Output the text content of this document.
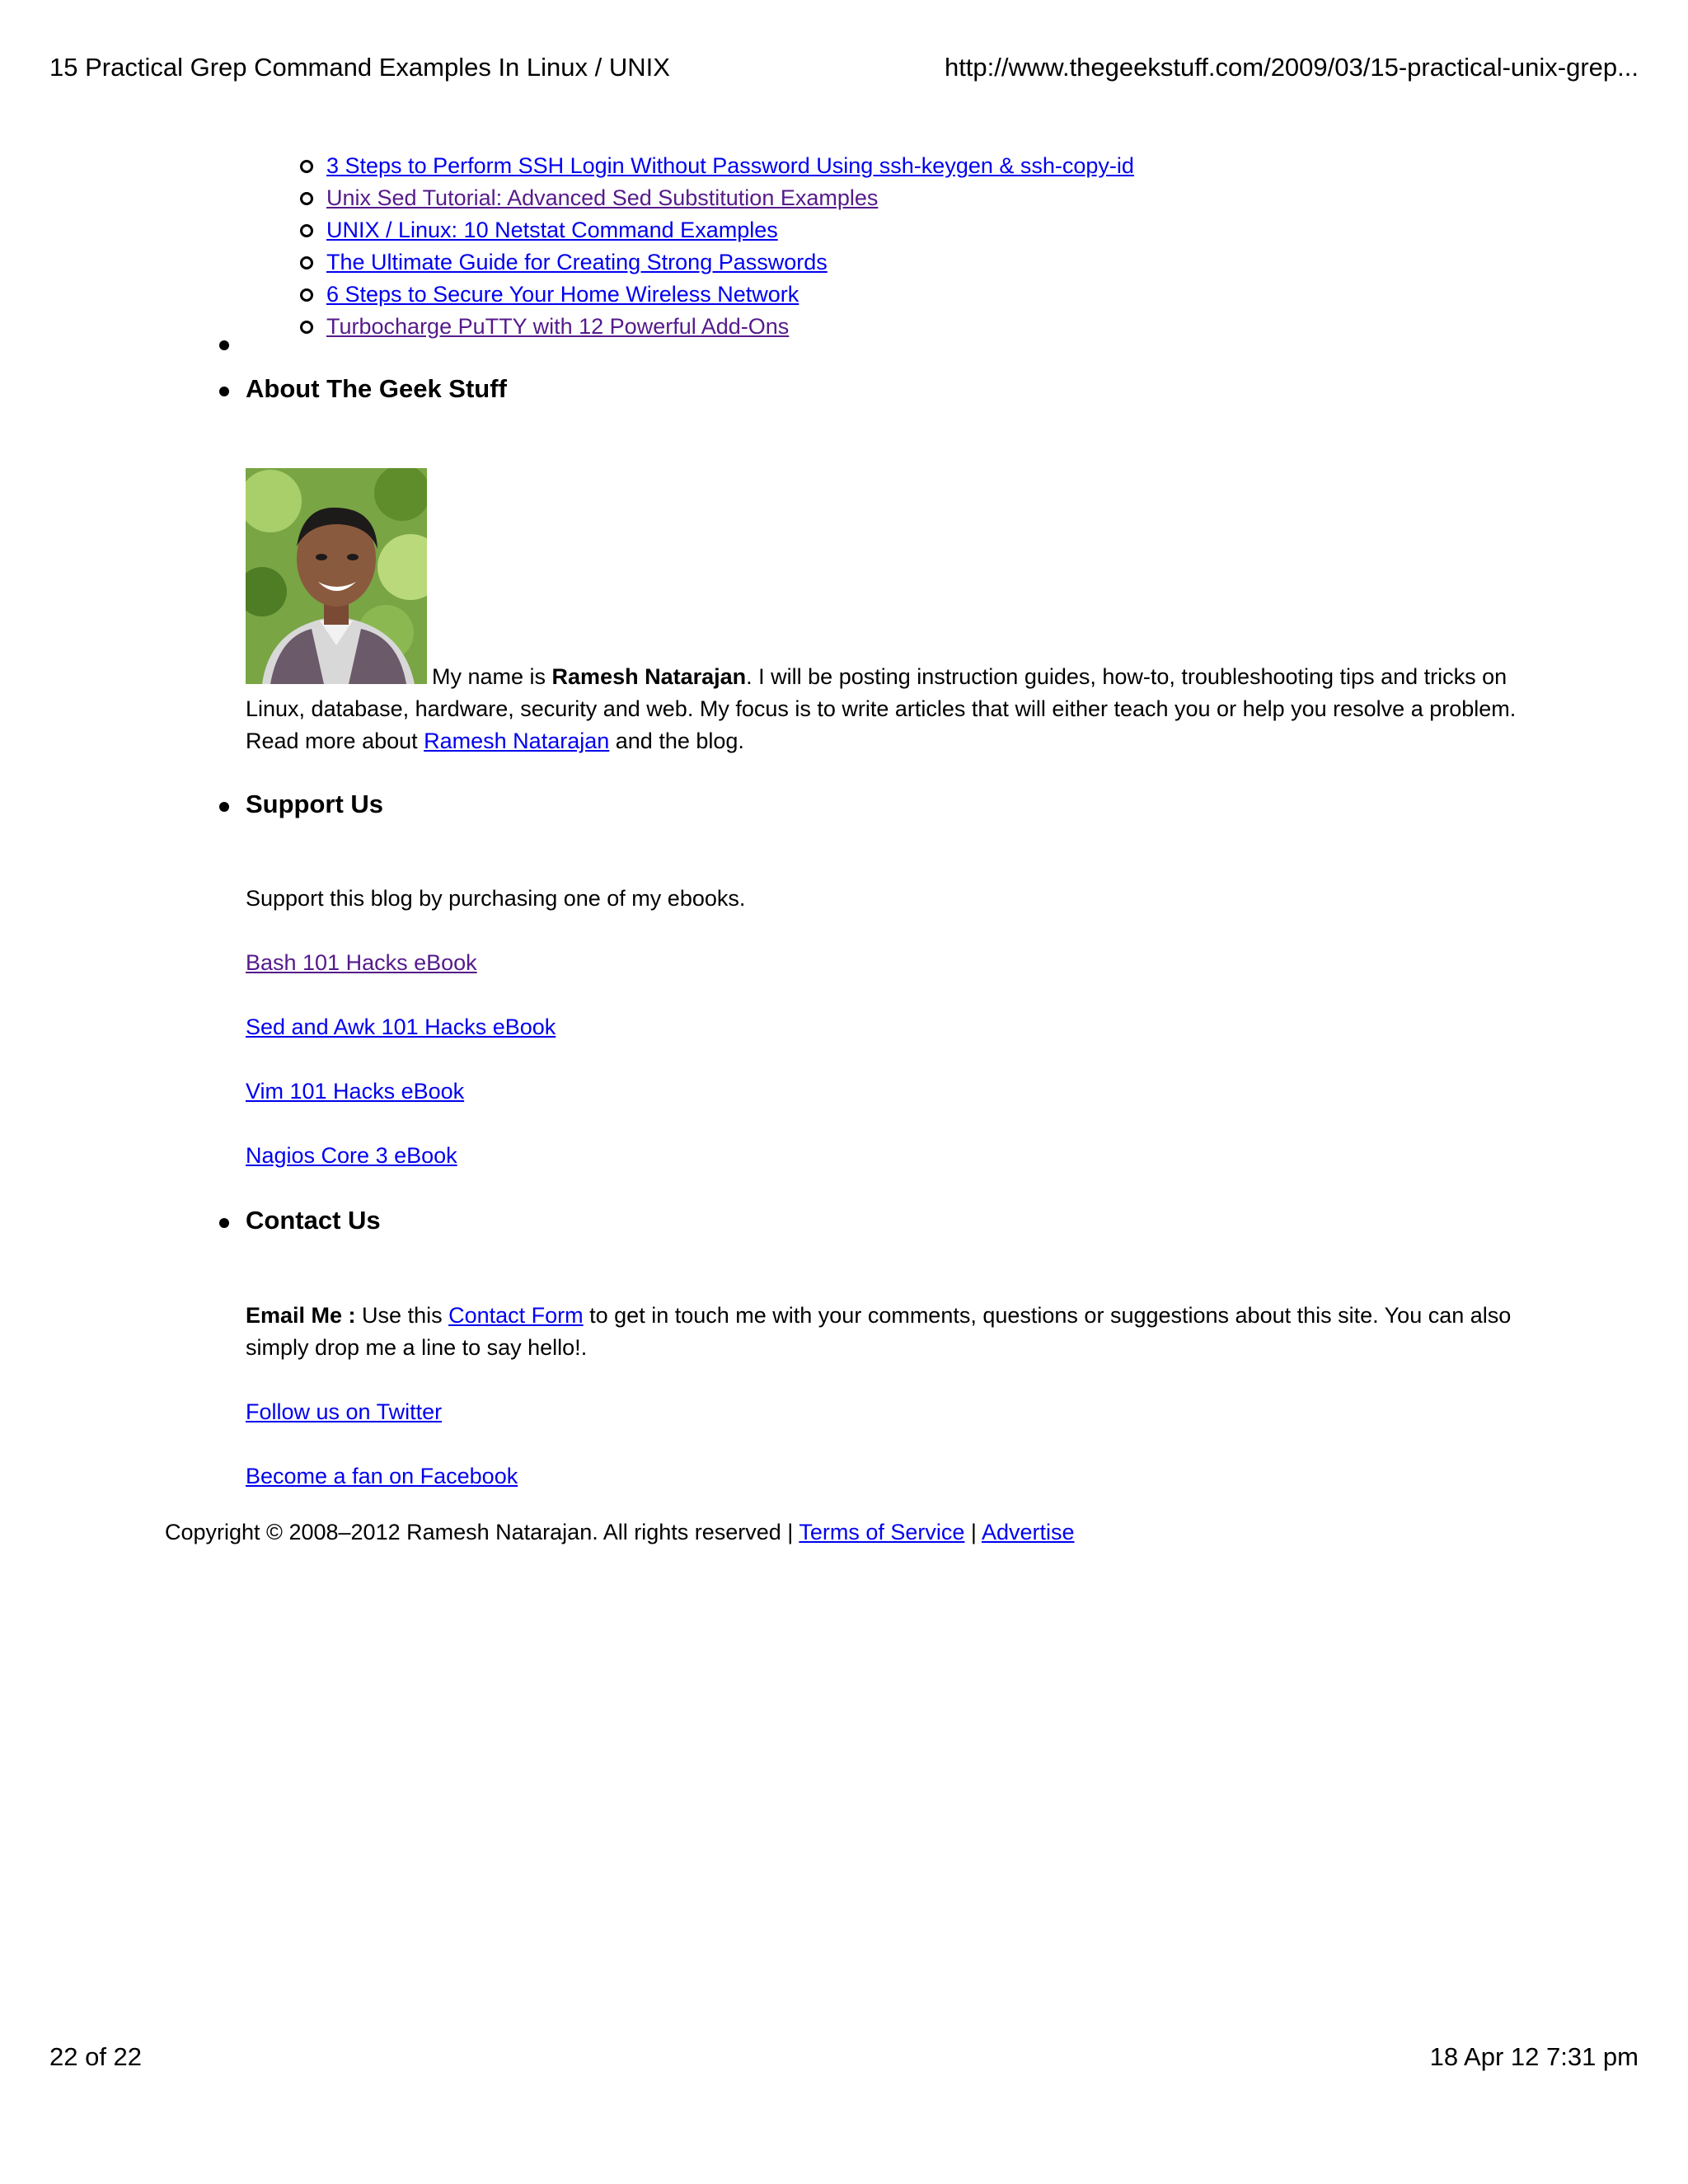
15 Practical Grep Command Examples In Linux / UNIX	http://www.thegeekstuff.com/2009/03/15-practical-unix-grep...
3 Steps to Perform SSH Login Without Password Using ssh-keygen & ssh-copy-id
Unix Sed Tutorial: Advanced Sed Substitution Examples
UNIX / Linux: 10 Netstat Command Examples
The Ultimate Guide for Creating Strong Passwords
6 Steps to Secure Your Home Wireless Network
Turbocharge PuTTY with 12 Powerful Add-Ons
About The Geek Stuff
My name is Ramesh Natarajan. I will be posting instruction guides, how-to, troubleshooting tips and tricks on
Linux, database, hardware, security and web. My focus is to write articles that will either teach you or help you resolve a problem.
Read more about Ramesh Natarajan and the blog.
Support Us
Support this blog by purchasing one of my ebooks.
Bash 101 Hacks eBook
Sed and Awk 101 Hacks eBook
Vim 101 Hacks eBook
Nagios Core 3 eBook
Contact Us
Email Me : Use this Contact Form to get in touch me with your comments, questions or suggestions about this site. You can also
simply drop me a line to say hello!.
Follow us on Twitter
Become a fan on Facebook
Copyright © 2008–2012 Ramesh Natarajan. All rights reserved | Terms of Service | Advertise
22 of 22	18 Apr 12 7:31 pm
